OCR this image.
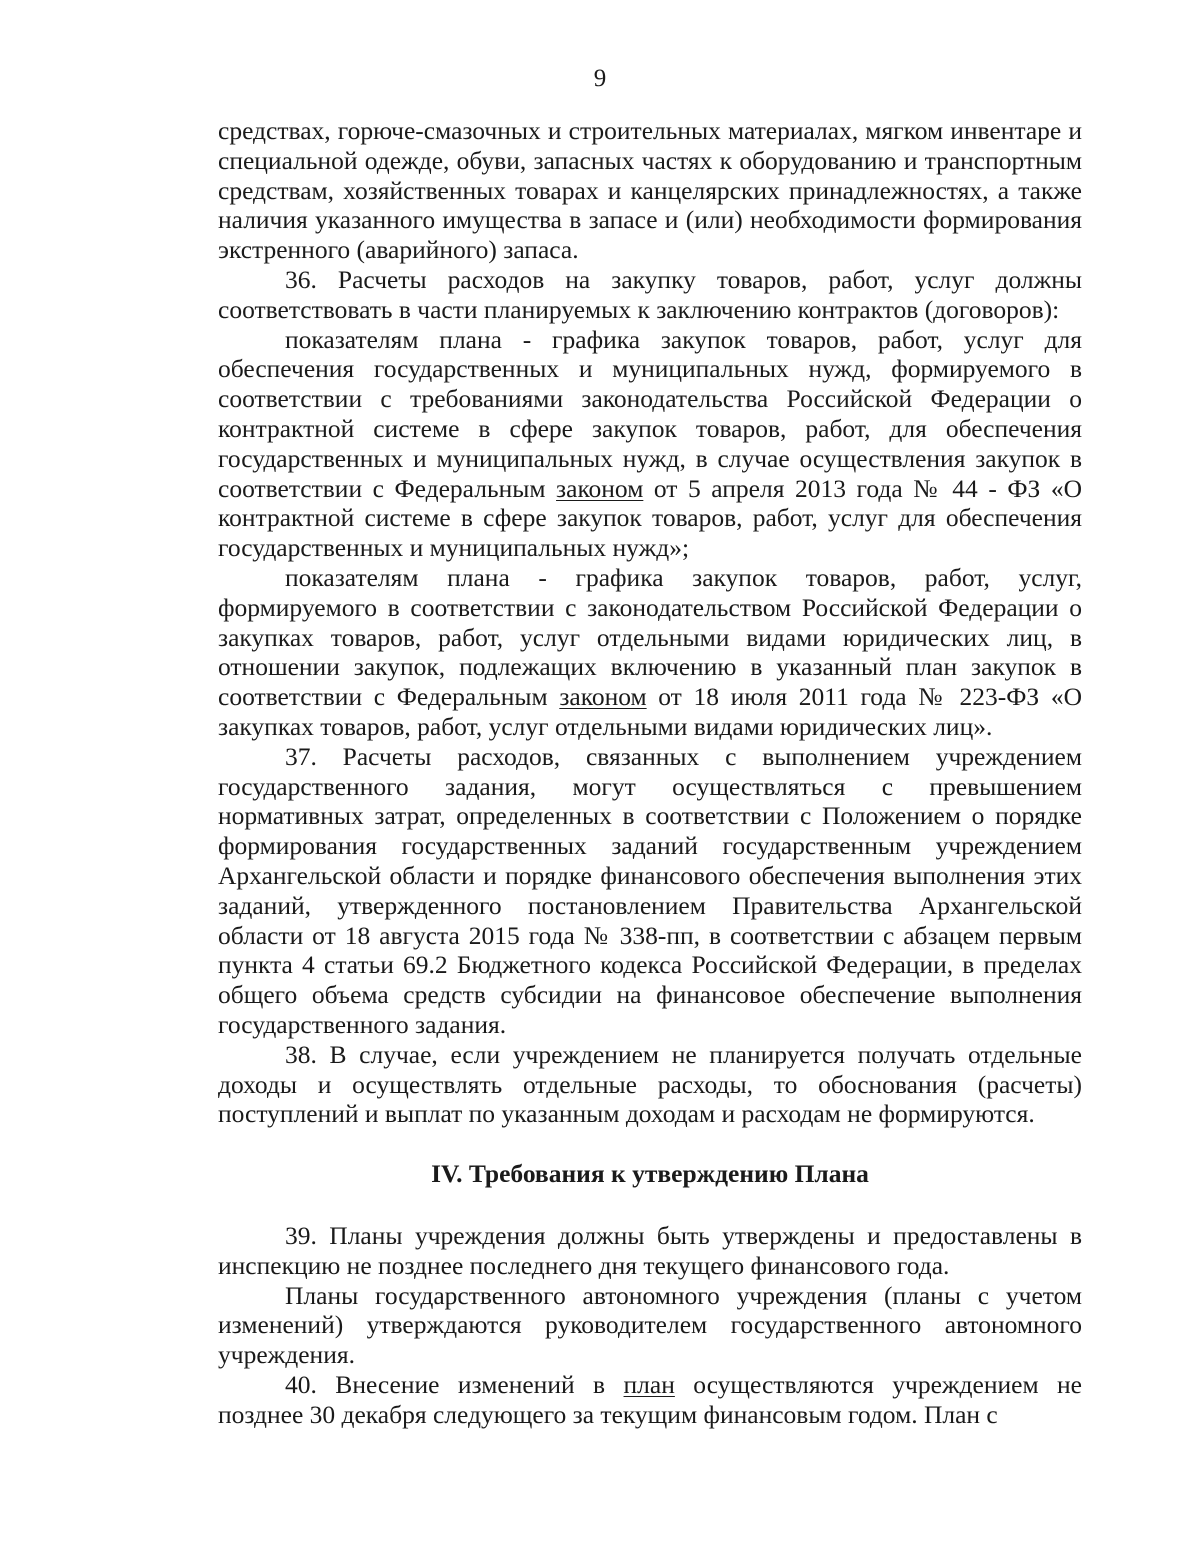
9

средствах, горюче-смазочных и строительных материалах, мягком инвентаре и специальной одежде, обуви, запасных частях к оборудованию и транспортным средствам, хозяйственных товарах и канцелярских принадлежностях, а также наличия указанного имущества в запасе и (или) необходимости формирования экстренного (аварийного) запаса.

36. Расчеты расходов на закупку товаров, работ, услуг должны соответствовать в части планируемых к заключению контрактов (договоров):

показателям плана - графика закупок товаров, работ, услуг для обеспечения государственных и муниципальных нужд, формируемого в соответствии с требованиями законодательства Российской Федерации о контрактной системе в сфере закупок товаров, работ, для обеспечения государственных и муниципальных нужд, в случае осуществления закупок в соответствии с Федеральным законом от 5 апреля 2013 года № 44 - ФЗ «О контрактной системе в сфере закупок товаров, работ, услуг для обеспечения государственных и муниципальных нужд»;

показателям плана - графика закупок товаров, работ, услуг, формируемого в соответствии с законодательством Российской Федерации о закупках товаров, работ, услуг отдельными видами юридических лиц, в отношении закупок, подлежащих включению в указанный план закупок в соответствии с Федеральным законом от 18 июля 2011 года № 223-ФЗ «О закупках товаров, работ, услуг отдельными видами юридических лиц».

37. Расчеты расходов, связанных с выполнением учреждением государственного задания, могут осуществляться с превышением нормативных затрат, определенных в соответствии с Положением о порядке формирования государственных заданий государственным учреждением Архангельской области и порядке финансового обеспечения выполнения этих заданий, утвержденного постановлением Правительства Архангельской области от 18 августа 2015 года № 338-пп, в соответствии с абзацем первым пункта 4 статьи 69.2 Бюджетного кодекса Российской Федерации, в пределах общего объема средств субсидии на финансовое обеспечение выполнения государственного задания.

38. В случае, если учреждением не планируется получать отдельные доходы и осуществлять отдельные расходы, то обоснования (расчеты) поступлений и выплат по указанным доходам и расходам не формируются.

IV. Требования к утверждению Плана

39. Планы учреждения должны быть утверждены и предоставлены в инспекцию не позднее последнего дня текущего финансового года.

Планы государственного автономного учреждения (планы с учетом изменений) утверждаются руководителем государственного автономного учреждения.

40. Внесение изменений в план осуществляются учреждением не позднее 30 декабря следующего за текущим финансовым годом. План с
